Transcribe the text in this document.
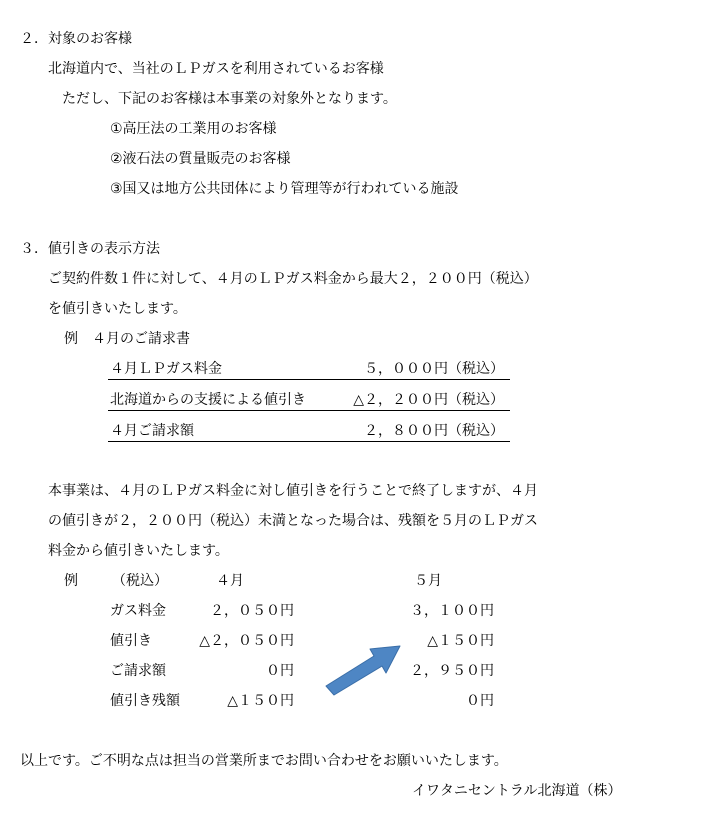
２．対象のお客様
北海道内で、当社のＬＰガスを利用されているお客様
ただし、下記のお客様は本事業の対象外となります。
①高圧法の工業用のお客様
②液石法の質量販売のお客様
③国又は地方公共団体により管理等が行われている施設
３．値引きの表示方法
ご契約件数１件に対して、４月のＬＰガス料金から最大２，２００円（税込）
を値引きいたします。
例　４月のご請求書
４月ＬＰガス料金	５，０００円（税込）
北海道からの支援による値引き	△２，２００円（税込）
４月ご請求額	２，８００円（税込）
本事業は、４月のＬＰガス料金に対し値引きを行うことで終了しますが、４月
の値引きが２，２００円（税込）未満となった場合は、残額を５月のＬＰガス
料金から値引きいたします。
例 （税込）	４月	５月
ガス料金	２，０５０円	３，１００円
値引き	△２，０５０円	△１５０円
ご請求額	０円	２，９５０円
値引き残額	△１５０円	０円
以上です。ご不明な点は担当の営業所までお問い合わせをお願いいたします。
イワタニセントラル北海道（株）
